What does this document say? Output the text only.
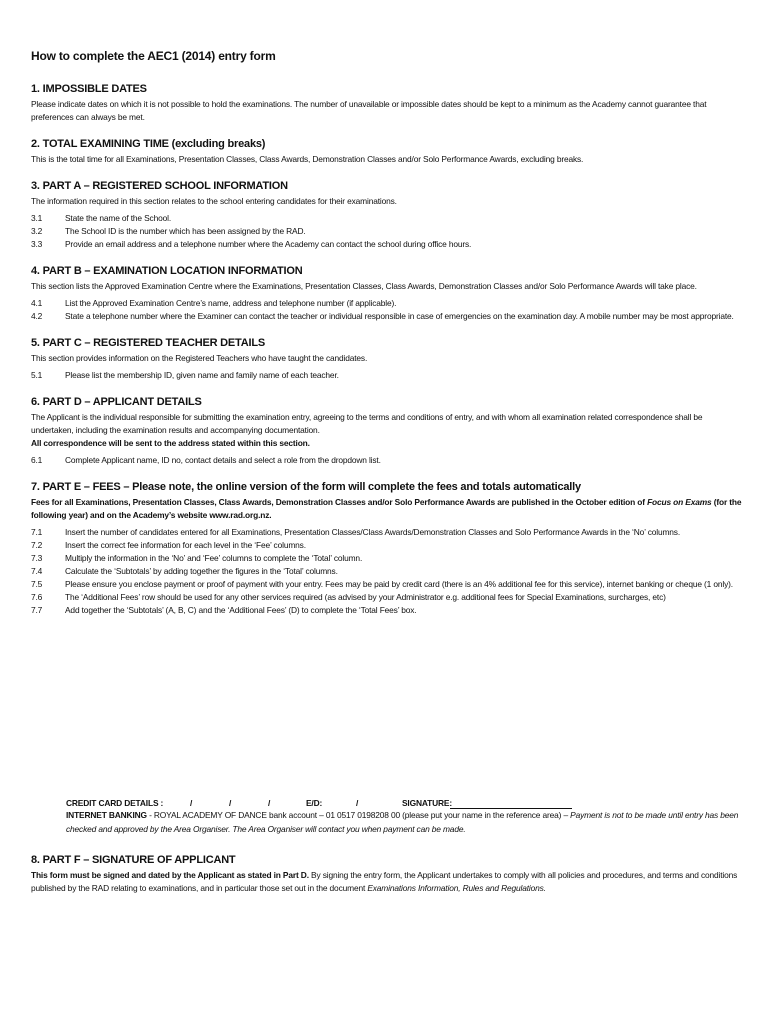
How to complete the AEC1 (2014) entry form
1. IMPOSSIBLE DATES
Please indicate dates on which it is not possible to hold the examinations. The number of unavailable or impossible dates should be kept to a minimum as the Academy cannot guarantee that preferences can always be met.
2. TOTAL EXAMINING TIME (excluding breaks)
This is the total time for all Examinations, Presentation Classes, Class Awards, Demonstration Classes and/or Solo Performance Awards, excluding breaks.
3. PART A – REGISTERED SCHOOL INFORMATION
The information required in this section relates to the school entering candidates for their examinations.
3.1	State the name of the School.
3.2	The School ID is the number which has been assigned by the RAD.
3.3	Provide an email address and a telephone number where the Academy can contact the school during office hours.
4. PART B – EXAMINATION LOCATION INFORMATION
This section lists the Approved Examination Centre where the Examinations, Presentation Classes, Class Awards, Demonstration Classes and/or Solo Performance Awards will take place.
4.1	List the Approved Examination Centre’s name, address and telephone number (if applicable).
4.2	State a telephone number where the Examiner can contact the teacher or individual responsible in case of emergencies on the examination day. A mobile number may be most appropriate.
5. PART C – REGISTERED TEACHER DETAILS
This section provides information on the Registered Teachers who have taught the candidates.
5.1	Please list the membership ID, given name and family name of each teacher.
6. PART D – APPLICANT DETAILS
The Applicant is the individual responsible for submitting the examination entry, agreeing to the terms and conditions of entry, and with whom all examination related correspondence shall be undertaken, including the examination results and accompanying documentation.
All correspondence will be sent to the address stated within this section.
6.1	Complete Applicant name, ID no, contact details and select a role from the dropdown list.
7. PART E – FEES – Please note, the online version of the form will complete the fees and totals automatically
Fees for all Examinations, Presentation Classes, Class Awards, Demonstration Classes and/or Solo Performance Awards are published in the October edition of Focus on Exams (for the following year) and on the Academy’s website www.rad.org.nz.
7.1	Insert the number of candidates entered for all Examinations, Presentation Classes/Class Awards/Demonstration Classes and Solo Performance Awards in the ‘No’ columns.
7.2	Insert the correct fee information for each level in the ‘Fee’ columns.
7.3	Multiply the information in the ‘No’ and ‘Fee’ columns to complete the ‘Total’ column.
7.4	Calculate the ‘Subtotals’ by adding together the figures in the ‘Total’ columns.
7.5	Please ensure you enclose payment or proof of payment with your entry. Fees may be paid by credit card (there is an 4% additional fee for this service), internet banking or cheque (1 only).
7.6	The ‘Additional Fees’ row should be used for any other services required (as advised by your Administrator e.g. additional fees for Special Examinations, surcharges, etc)
7.7	Add together the ‘Subtotals’ (A, B, C) and the ‘Additional Fees’ (D) to complete the ‘Total Fees’ box.
CREDIT CARD DETAILS :	/	/	/	E/D:	/	SIGNATURE:
INTERNET BANKING - ROYAL ACADEMY OF DANCE bank account – 01 0517 0198208 00 (please put your name in the reference area) – Payment is not to be made until entry has been checked and approved by the Area Organiser. The Area Organiser will contact you when payment can be made.
8. PART F – SIGNATURE OF APPLICANT
This form must be signed and dated by the Applicant as stated in Part D. By signing the entry form, the Applicant undertakes to comply with all policies and procedures, and terms and conditions published by the RAD relating to examinations, and in particular those set out in the document Examinations Information, Rules and Regulations.
